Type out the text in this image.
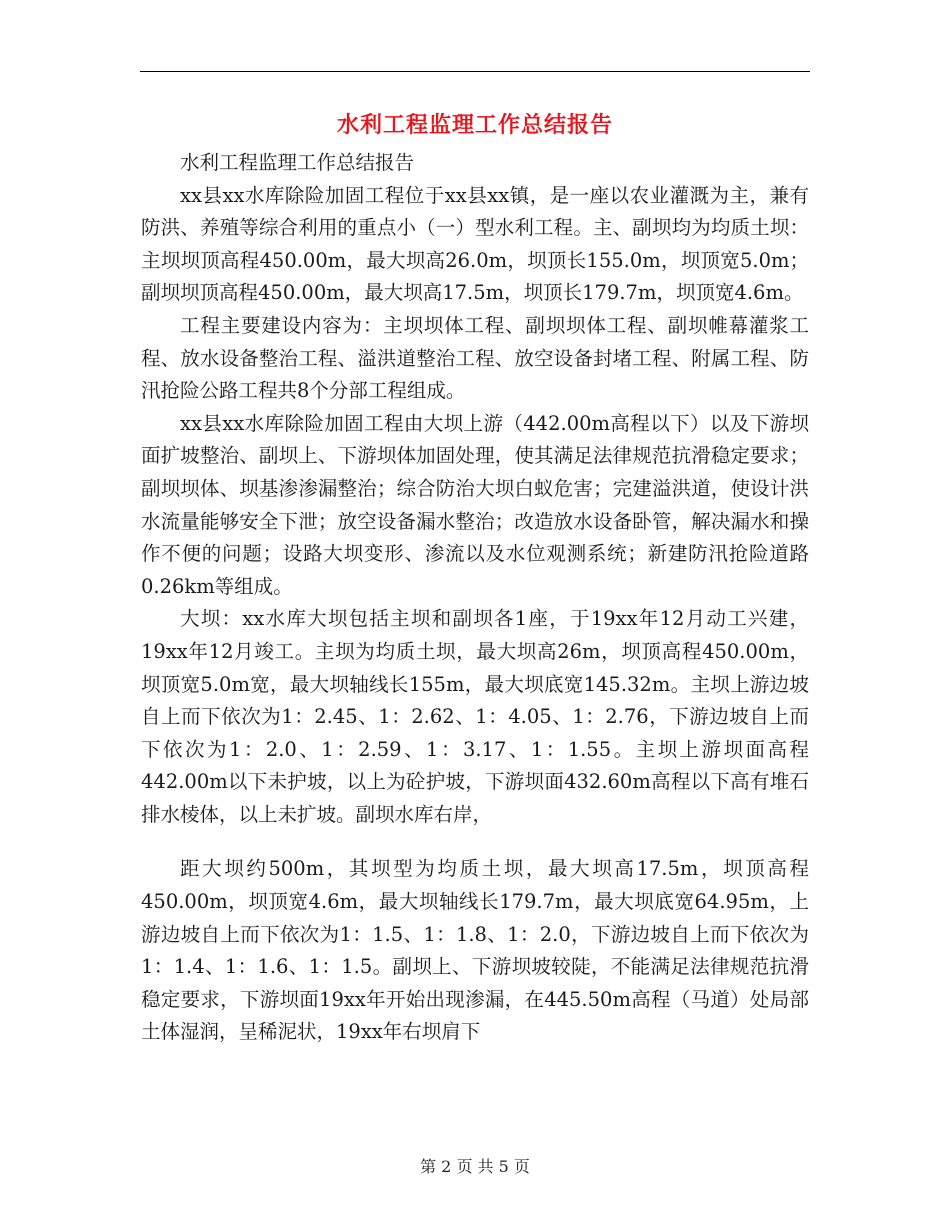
水利工程监理工作总结报告

水利工程监理工作总结报告

xx县xx水库除险加固工程位于xx县xx镇，是一座以农业灌溉为主，兼有防洪、养殖等综合利用的重点小（一）型水利工程。主、副坝均为均质土坝：主坝坝顶高程450.00m，最大坝高26.0m，坝顶长155.0m，坝顶宽5.0m；副坝坝顶高程450.00m，最大坝高17.5m，坝顶长179.7m，坝顶宽4.6m。

工程主要建设内容为：主坝坝体工程、副坝坝体工程、副坝帷幕灌浆工程、放水设备整治工程、溢洪道整治工程、放空设备封堵工程、附属工程、防汛抢险公路工程共8个分部工程组成。

xx县xx水库除险加固工程由大坝上游（442.00m高程以下）以及下游坝面扩坡整治、副坝上、下游坝体加固处理，使其满足法律规范抗滑稳定要求；副坝坝体、坝基渗渗漏整治；综合防治大坝白蚁危害；完建溢洪道，使设计洪水流量能够安全下泄；放空设备漏水整治；改造放水设备卧管，解决漏水和操作不便的问题；设路大坝变形、渗流以及水位观测系统；新建防汛抢险道路0.26km等组成。

大坝：xx水库大坝包括主坝和副坝各1座，于19xx年12月动工兴建，19xx年12月竣工。主坝为均质土坝，最大坝高26m，坝顶高程450.00m，坝顶宽5.0m宽，最大坝轴线长155m，最大坝底宽145.32m。主坝上游边坡自上而下依次为1：2.45、1：2.62、1：4.05、1：2.76，下游边坡自上而下依次为1：2.0、1：2.59、1：3.17、1：1.55。主坝上游坝面高程442.00m以下未护坡，以上为砼护坡，下游坝面432.60m高程以下高有堆石排水棱体，以上未扩坡。副坝水库右岸，

距大坝约500m，其坝型为均质土坝，最大坝高17.5m，坝顶高程450.00m，坝顶宽4.6m，最大坝轴线长179.7m，最大坝底宽64.95m，上游边坡自上而下依次为1：1.5、1：1.8、1：2.0，下游边坡自上而下依次为1：1.4、1：1.6、1：1.5。副坝上、下游坝坡较陡，不能满足法律规范抗滑稳定要求，下游坝面19xx年开始出现渗漏，在445.50m高程（马道）处局部土体湿润，呈稀泥状，19xx年右坝肩下

第 2 页 共 5 页
